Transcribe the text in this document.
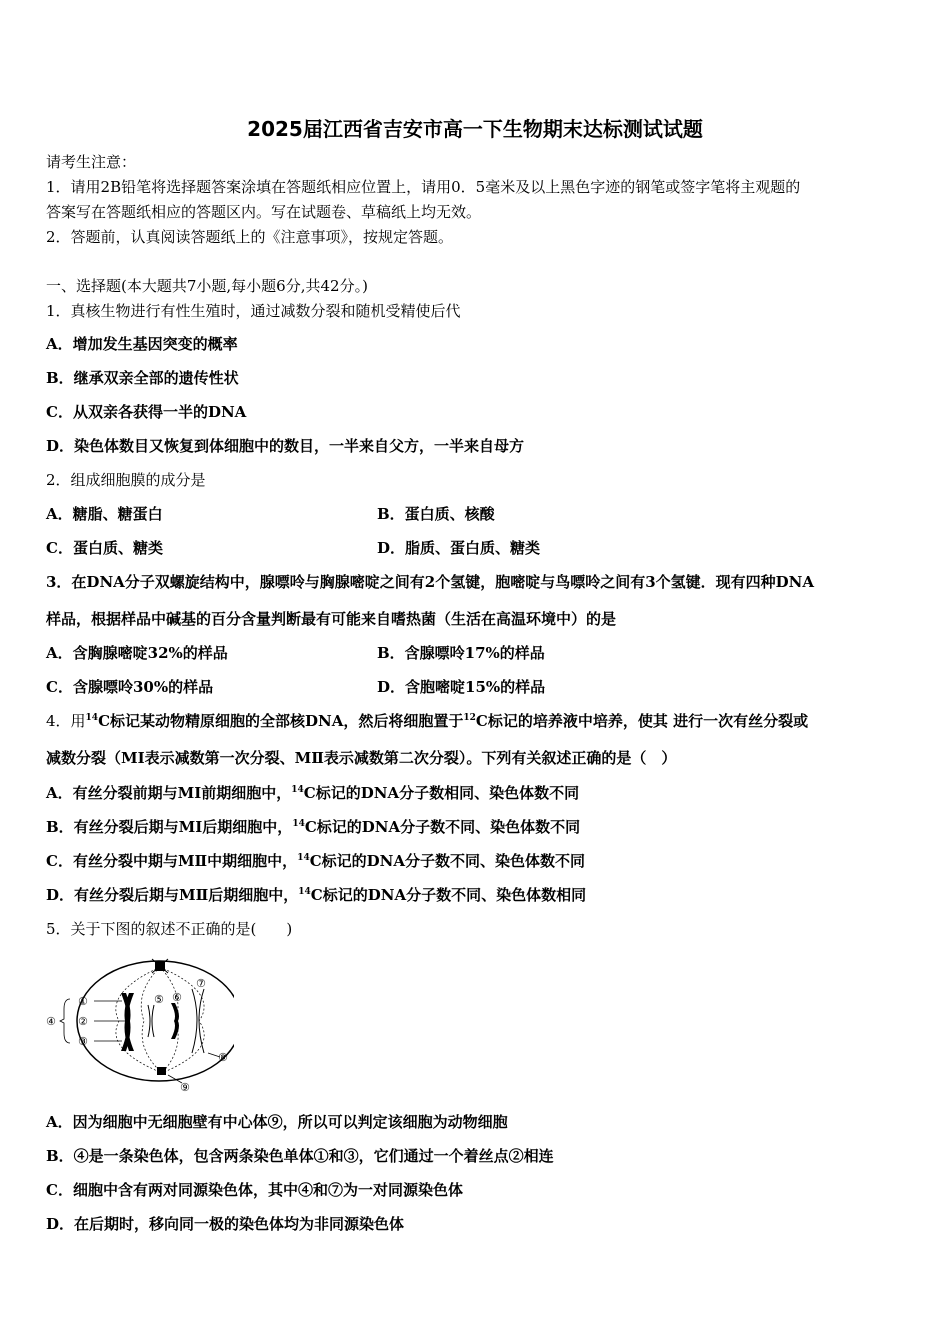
2025届江西省吉安市高一下生物期末达标测试试题
请考生注意：
1．请用2B铅笔将选择题答案涂填在答题纸相应位置上，请用0．5毫米及以上黑色字迹的钢笔或签字笔将主观题的
答案写在答题纸相应的答题区内。写在试题卷、草稿纸上均无效。
2．答题前，认真阅读答题纸上的《注意事项》，按规定答题。
一、选择题(本大题共7小题,每小题6分,共42分。)
1．真核生物进行有性生殖时，通过减数分裂和随机受精使后代
A．增加发生基因突变的概率
B．继承双亲全部的遗传性状
C．从双亲各获得一半的DNA
D．染色体数目又恢复到体细胞中的数目，一半来自父方，一半来自母方
2．组成细胞膜的成分是
A．糖脂、糖蛋白	B．蛋白质、核酸
C．蛋白质、糖类	D．脂质、蛋白质、糖类
3．在DNA分子双螺旋结构中，腺嘌呤与胸腺嘧啶之间有2个氢键，胞嘧啶与鸟嘌呤之间有3个氢键．现有四种DNA
样品，根据样品中碱基的百分含量判断最有可能来自嗜热菌（生活在高温环境中）的是
A．含胸腺嘧啶32%的样品	B．含腺嘌呤17%的样品
C．含腺嘌呤30%的样品	D．含胞嘧啶15%的样品
4．用$^{14}$C标记某动物精原细胞的全部核DNA，然后将细胞置于$^{12}$C标记的培养液中培养，使其 进行一次有丝分裂或
减数分裂（MⅠ表示减数第一次分裂、MⅡ表示减数第二次分裂）。下列有关叙述正确的是（　）
A．有丝分裂前期与MⅠ前期细胞中，$^{14}$C标记的DNA分子数相同、染色体数不同
B．有丝分裂后期与MⅠ后期细胞中，$^{14}$C标记的DNA分子数不同、染色体数不同
C．有丝分裂中期与MⅡ中期细胞中，$^{14}$C标记的DNA分子数不同、染色体数不同
D．有丝分裂后期与MⅡ后期细胞中，$^{14}$C标记的DNA分子数不同、染色体数相同
5．关于下图的叙述不正确的是(　　)
①
②
③
④
⑤ ⑥
⑦
⑧
⑨
A．因为细胞中无细胞壁有中心体⑨，所以可以判定该细胞为动物细胞
B．④是一条染色体，包含两条染色单体①和③，它们通过一个着丝点②相连
C．细胞中含有两对同源染色体，其中④和⑦为一对同源染色体
D．在后期时，移向同一极的染色体均为非同源染色体
